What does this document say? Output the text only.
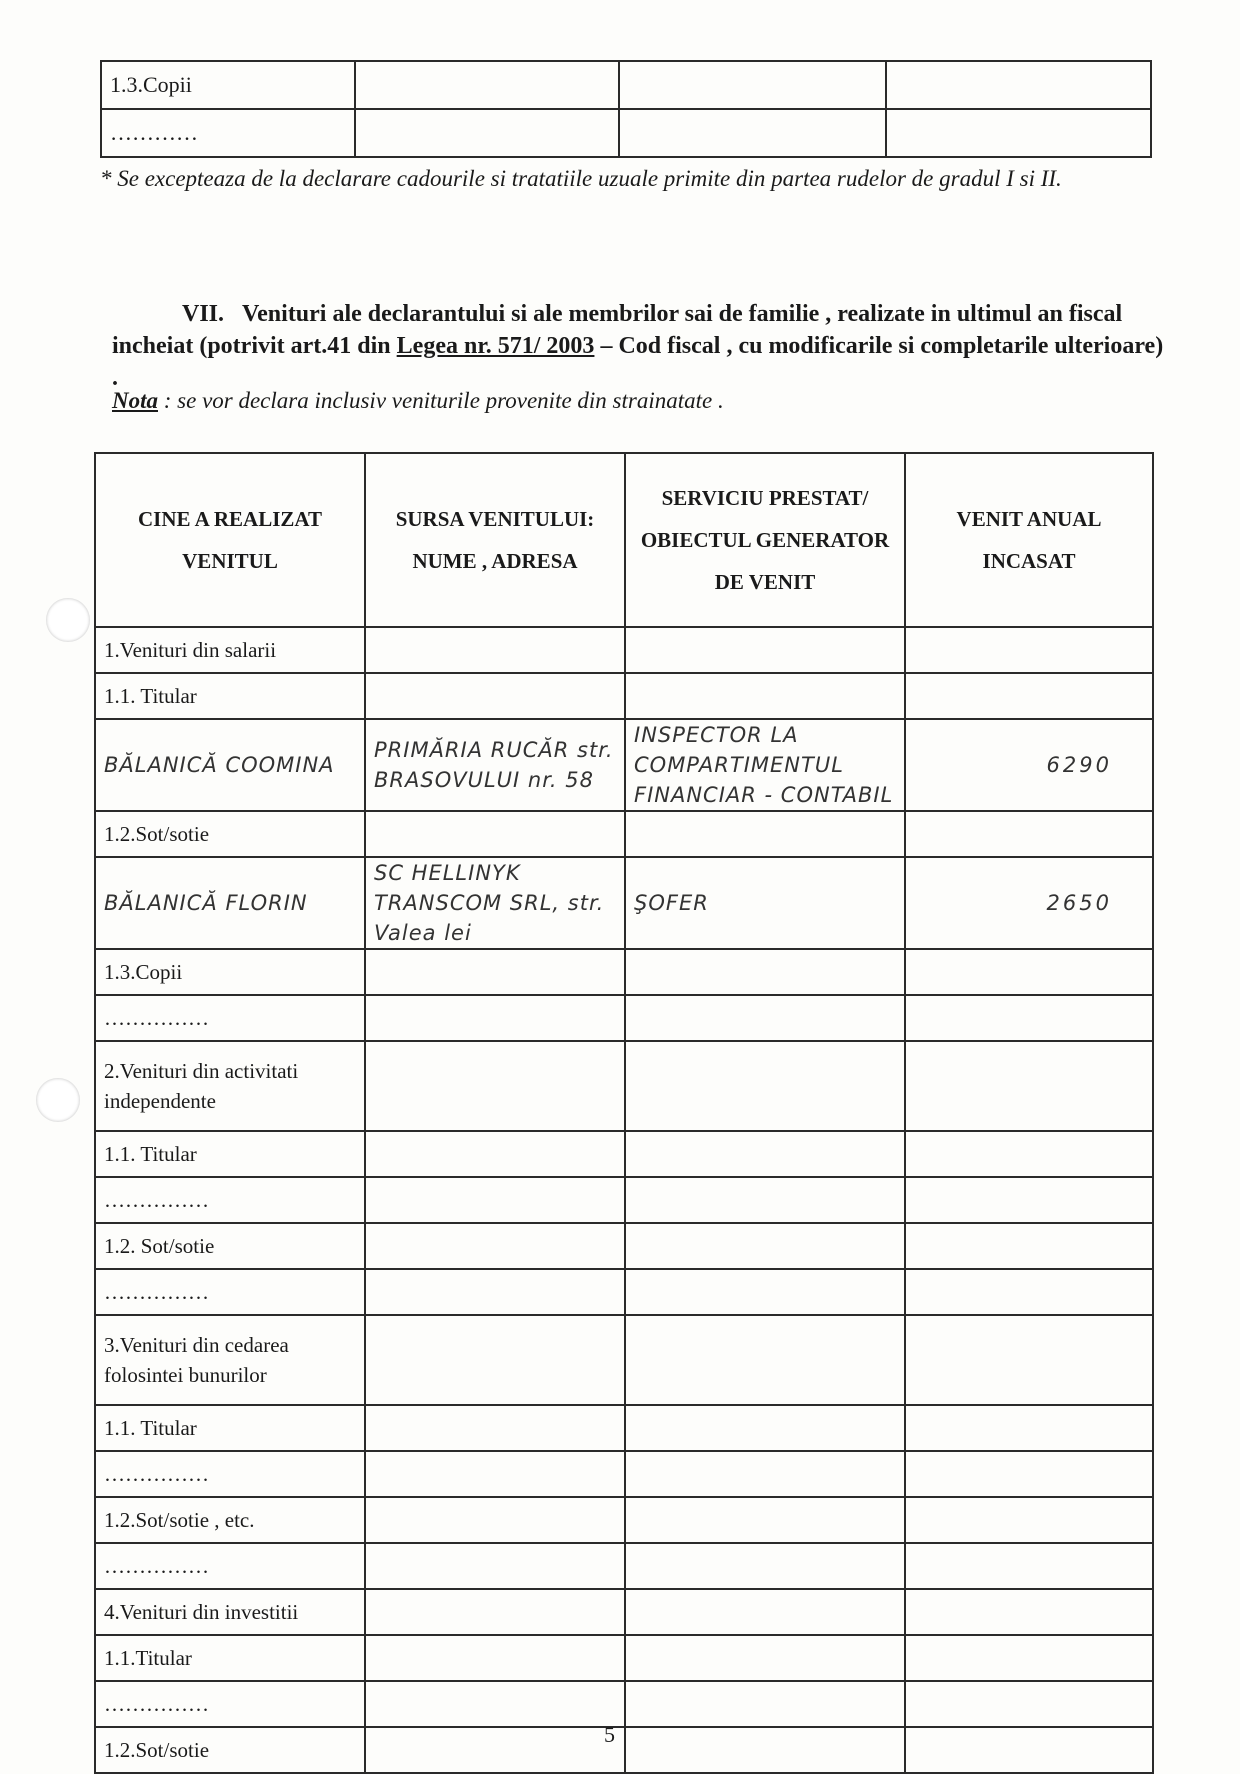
1.3.Copii			
…………			
* Se excepteaza de la declarare cadourile si tratatiile uzuale primite din partea rudelor de gradul I si II.
VII. Venituri ale declarantului si ale membrilor sai de familie , realizate in ultimul an fiscal incheiat (potrivit art.41 din Legea nr. 571/ 2003 – Cod fiscal , cu modificarile si completarile ulterioare) .
Nota : se vor declara inclusiv veniturile provenite din strainatate .
CINE A REALIZAT VENITUL	SURSA VENITULUI: NUME , ADRESA	SERVICIU PRESTAT/ OBIECTUL GENERATOR DE VENIT	VENIT ANUAL INCASAT
1.Venituri din salarii			
1.1. Titular			
BĂLANICĂ COOMINA	PRIMĂRIA RUCĂR str. BRASOVULUI nr. 58	INSPECTOR LA COMPARTIMENTUL FINANCIAR - CONTABIL	6290
1.2.Sot/sotie			
BĂLANICĂ FLORIN	SC HELLINYK TRANSCOM SRL, str. Valea lei	ŞOFER	2650
1.3.Copii			
……………			
2.Venituri din activitati independente			
1.1. Titular			
……………			
1.2. Sot/sotie			
……………			
3.Venituri din cedarea folosintei bunurilor			
1.1. Titular			
……………			
1.2.Sot/sotie , etc.			
……………			
4.Venituri din investitii			
1.1.Titular			
……………			
1.2.Sot/sotie			
5
